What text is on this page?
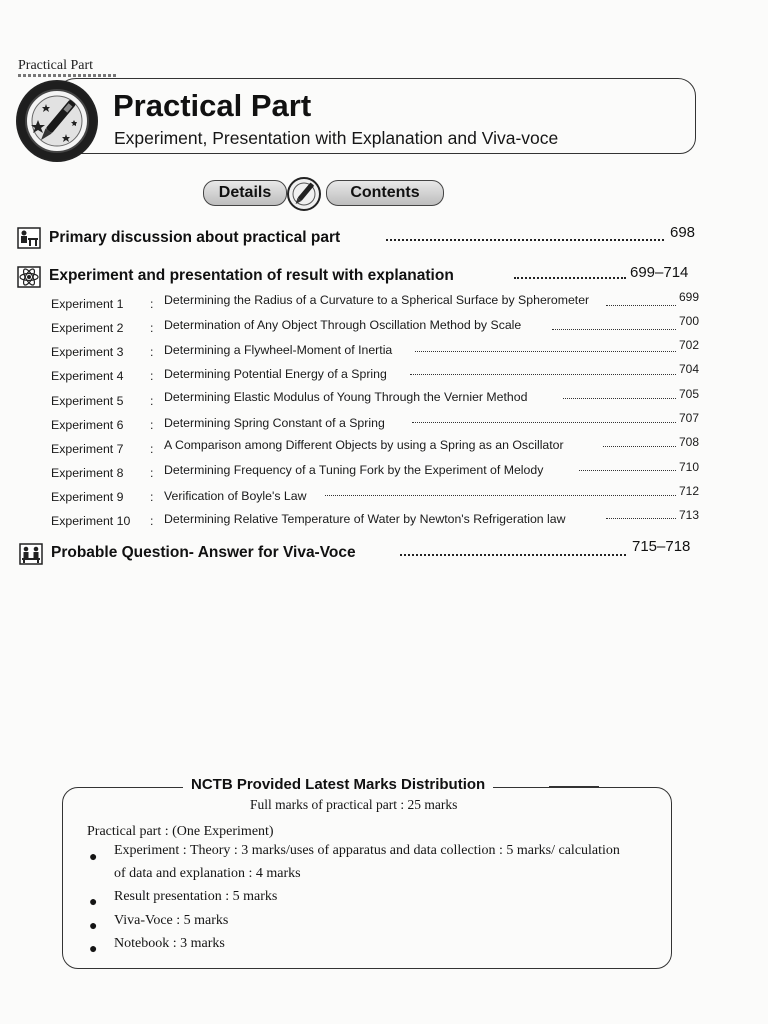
Practical Part
Practical Part
Experiment, Presentation with Explanation and Viva-voce
Details	Contents
Primary discussion about practical part	698
Experiment and presentation of result with explanation	699–714
Experiment 1 : Determining the Radius of a Curvature to a Spherical Surface by Spherometer	699
Experiment 2 : Determination of Any Object Through Oscillation Method by Scale	700
Experiment 3 : Determining a Flywheel-Moment of Inertia	702
Experiment 4 : Determining Potential Energy of a Spring	704
Experiment 5 : Determining Elastic Modulus of Young Through the Vernier Method	705
Experiment 6 : Determining Spring Constant of a Spring	707
Experiment 7 : A Comparison among Different Objects by using a Spring as an Oscillator	708
Experiment 8 : Determining Frequency of a Tuning Fork by the Experiment of Melody	710
Experiment 9 : Verification of Boyle's Law	712
Experiment 10 : Determining Relative Temperature of Water by Newton's Refrigeration law	713
Probable Question- Answer for Viva-Voce	715–718
NCTB Provided Latest Marks Distribution
Full marks of practical part : 25 marks
Practical part : (One Experiment)
● Experiment : Theory : 3 marks/uses of apparatus and data collection : 5 marks/ calculation
of data and explanation : 4 marks
● Result presentation : 5 marks
● Viva-Voce : 5 marks
● Notebook : 3 marks
